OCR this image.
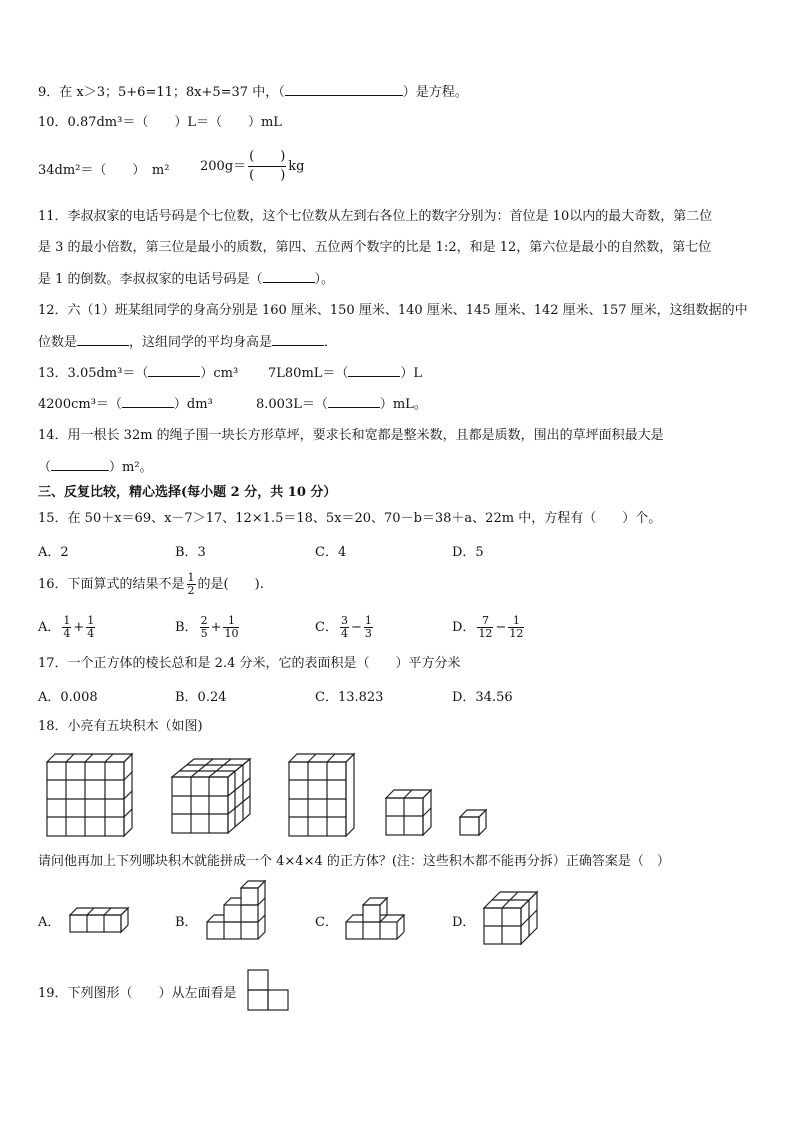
9．在 x＞3；5+6=11；8x+5=37 中，（	）是方程。
10．0.87dm³＝（　　）L＝（　　）mL
34dm²＝（　　）　m² $200g= \frac{( )}{( )}$ kg
11．李叔叔家的电话号码是个七位数，这个七位数从左到右各位上的数字分别为：首位是 10以内的最大奇数，第二位
是 3 的最小倍数，第三位是最小的质数，第四、五位两个数字的比是 1:2，和是 12，第六位是最小的自然数，第七位
是 1 的倒数。李叔叔家的电话号码是（	）。
12．六（1）班某组同学的身高分别是 160 厘米、150 厘米、140 厘米、145 厘米、142 厘米、157 厘米，这组数据的中
位数是	，这组同学的平均身高是	．
13．3.05dm³＝（	）cm³ 7L80mL＝（	）L
4200cm³＝（	）dm³	8.003L＝（	）mL。
14．用一根长 32m 的绳子围一块长方形草坪，要求长和宽都是整米数，且都是质数，围出的草坪面积最大是
（	）m²。
三、反复比较，精心选择(每小题 2 分，共 10 分）
15．在 50＋x＝69、x－7＞17、12×1.5＝18、5x＝20、70－b＝38＋a、22m 中，方程有（　　）个。
A．2	B．3	C．4	D．5
16．下面算式的结果不是 $\frac{1}{2}$ 的是(　　).
A． $\frac{1}{4} + \frac{1}{4}$	B． $\frac{2}{5} + \frac{1}{10}$	C． $\frac{3}{4} - \frac{1}{3}$	D． $\frac{7}{12} - \frac{1}{12}$
17．一个正方体的棱长总和是 2.4 分米，它的表面积是（　　）平方分米
A．0.008	B．0.24	C．13.823	D．34.56
18．小亮有五块积木（如图)
请问他再加上下列哪块积木就能拼成一个 4×4×4 的正方体？(注：这些积木都不能再分拆）正确答案是（　）
A．	B．	C．	D．
19．下列图形（　　）从左面看是
